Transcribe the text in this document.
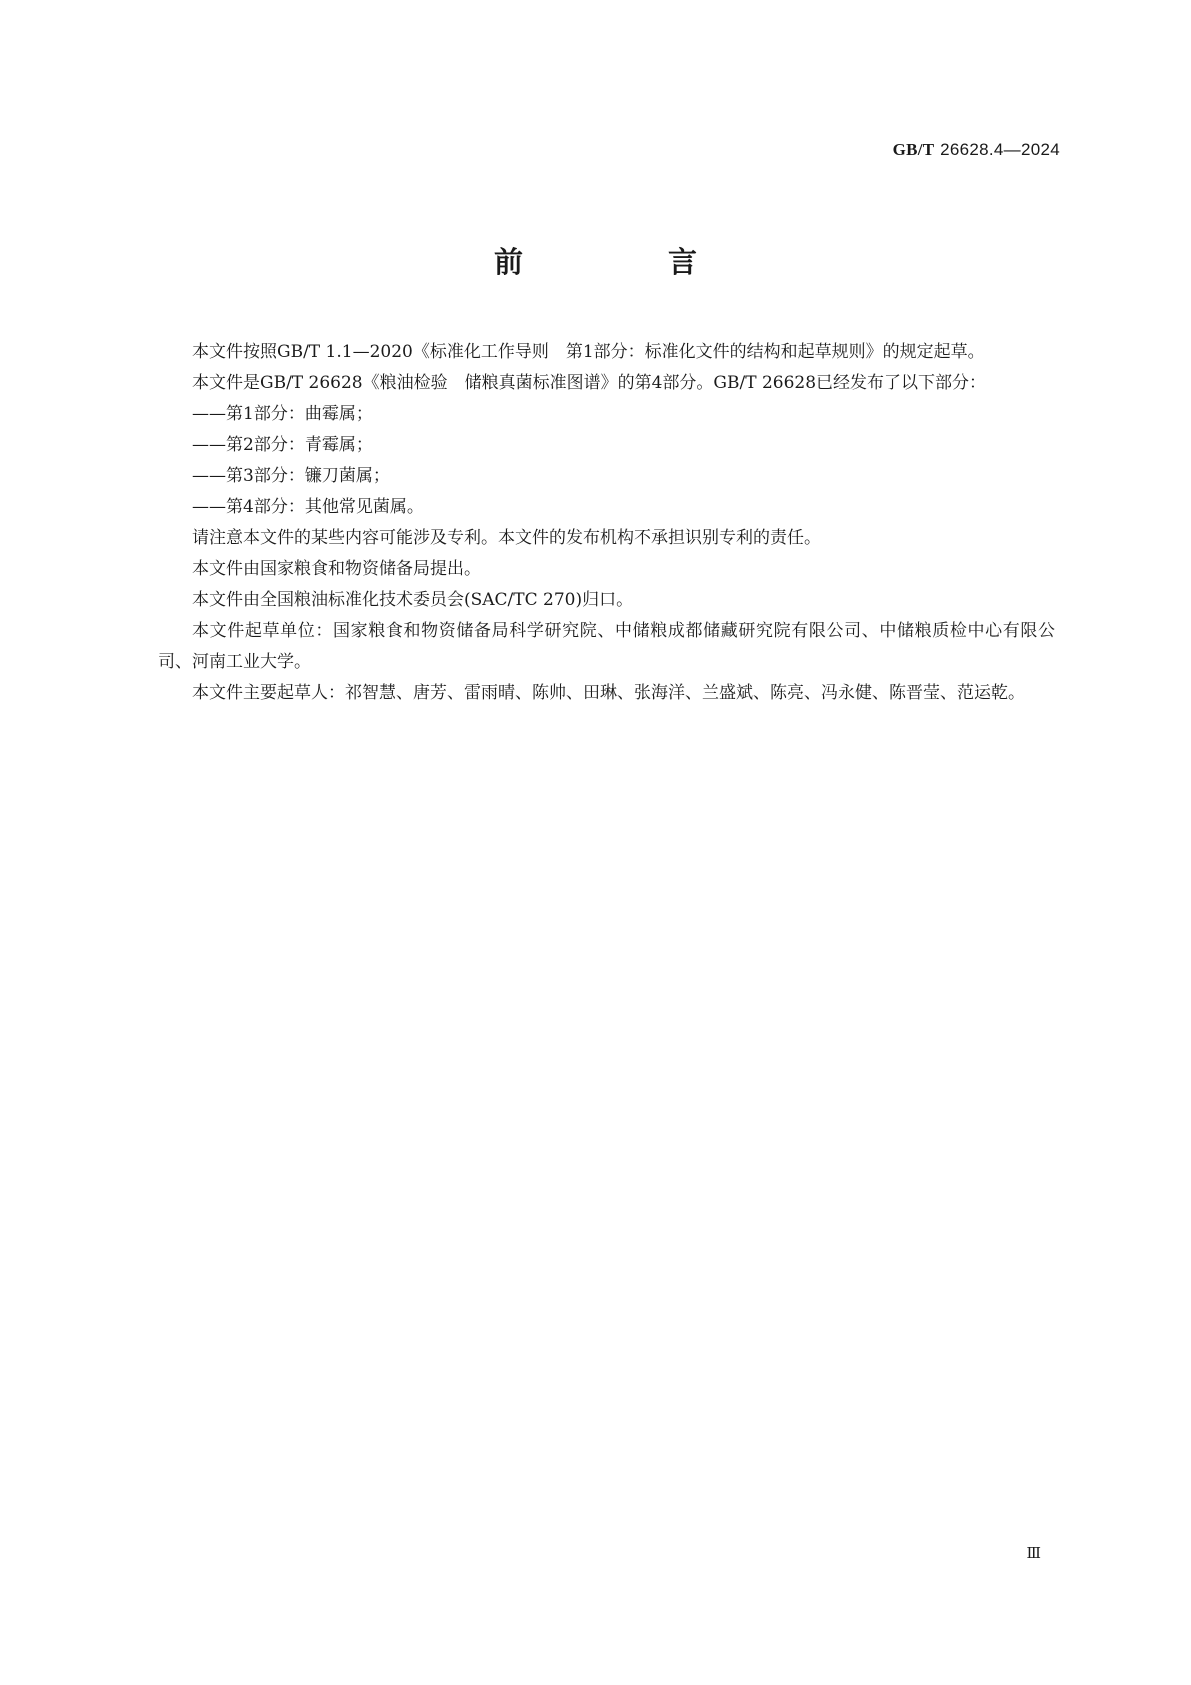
GB/T 26628.4—2024
前　言

本文件按照GB/T 1.1—2020《标准化工作导则　第1部分：标准化文件的结构和起草规则》的规定起草。

本文件是GB/T 26628《粮油检验　储粮真菌标准图谱》的第4部分。GB/T 26628已经发布了以下部分：

——第1部分：曲霉属；

——第2部分：青霉属；

——第3部分：镰刀菌属；

——第4部分：其他常见菌属。

请注意本文件的某些内容可能涉及专利。本文件的发布机构不承担识别专利的责任。

本文件由国家粮食和物资储备局提出。

本文件由全国粮油标准化技术委员会(SAC/TC 270)归口。

本文件起草单位：国家粮食和物资储备局科学研究院、中储粮成都储藏研究院有限公司、中储粮质检中心有限公司、河南工业大学。

本文件主要起草人：祁智慧、唐芳、雷雨晴、陈帅、田琳、张海洋、兰盛斌、陈亮、冯永健、陈晋莹、范运乾。

Ⅲ
